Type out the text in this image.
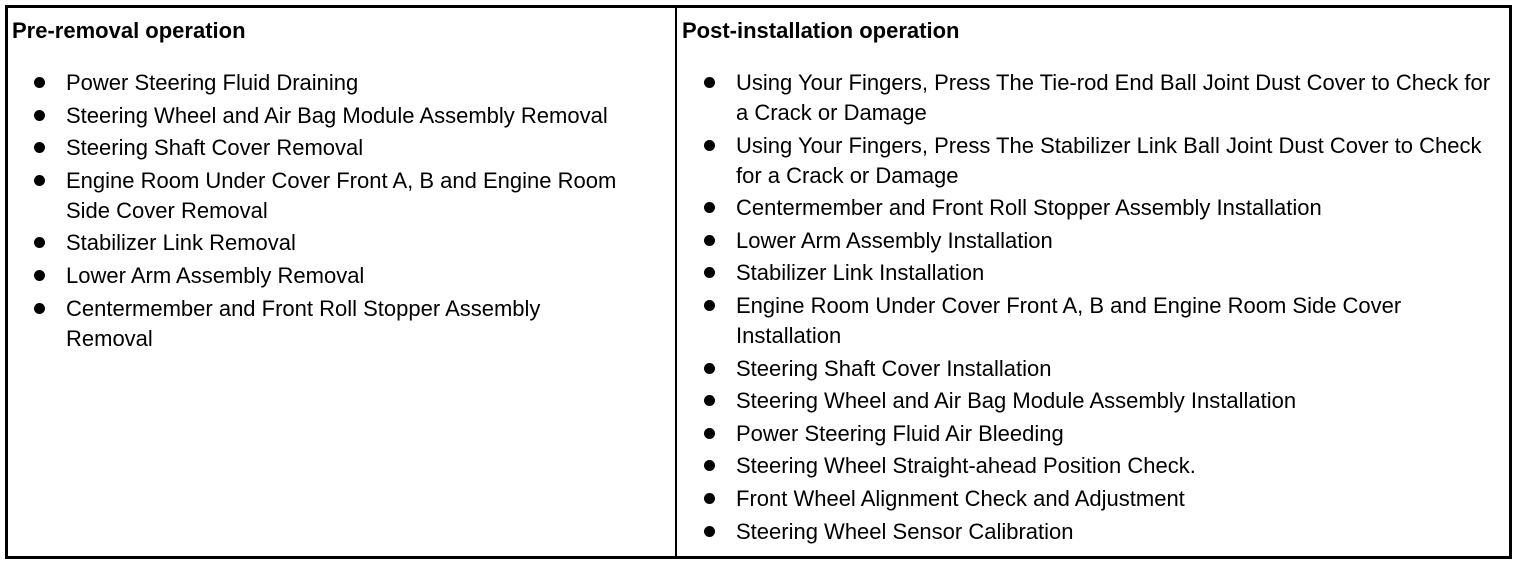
Pre-removal operation

Power Steering Fluid Draining
Steering Wheel and Air Bag Module Assembly Removal
Steering Shaft Cover Removal
Engine Room Under Cover Front A, B and Engine Room Side Cover Removal
Stabilizer Link Removal
Lower Arm Assembly Removal
Centermember and Front Roll Stopper Assembly Removal

Post-installation operation

Using Your Fingers, Press The Tie-rod End Ball Joint Dust Cover to Check for a Crack or Damage
Using Your Fingers, Press The Stabilizer Link Ball Joint Dust Cover to Check for a Crack or Damage
Centermember and Front Roll Stopper Assembly Installation
Lower Arm Assembly Installation
Stabilizer Link Installation
Engine Room Under Cover Front A, B and Engine Room Side Cover Installation
Steering Shaft Cover Installation
Steering Wheel and Air Bag Module Assembly Installation
Power Steering Fluid Air Bleeding
Steering Wheel Straight-ahead Position Check.
Front Wheel Alignment Check and Adjustment
Steering Wheel Sensor Calibration
